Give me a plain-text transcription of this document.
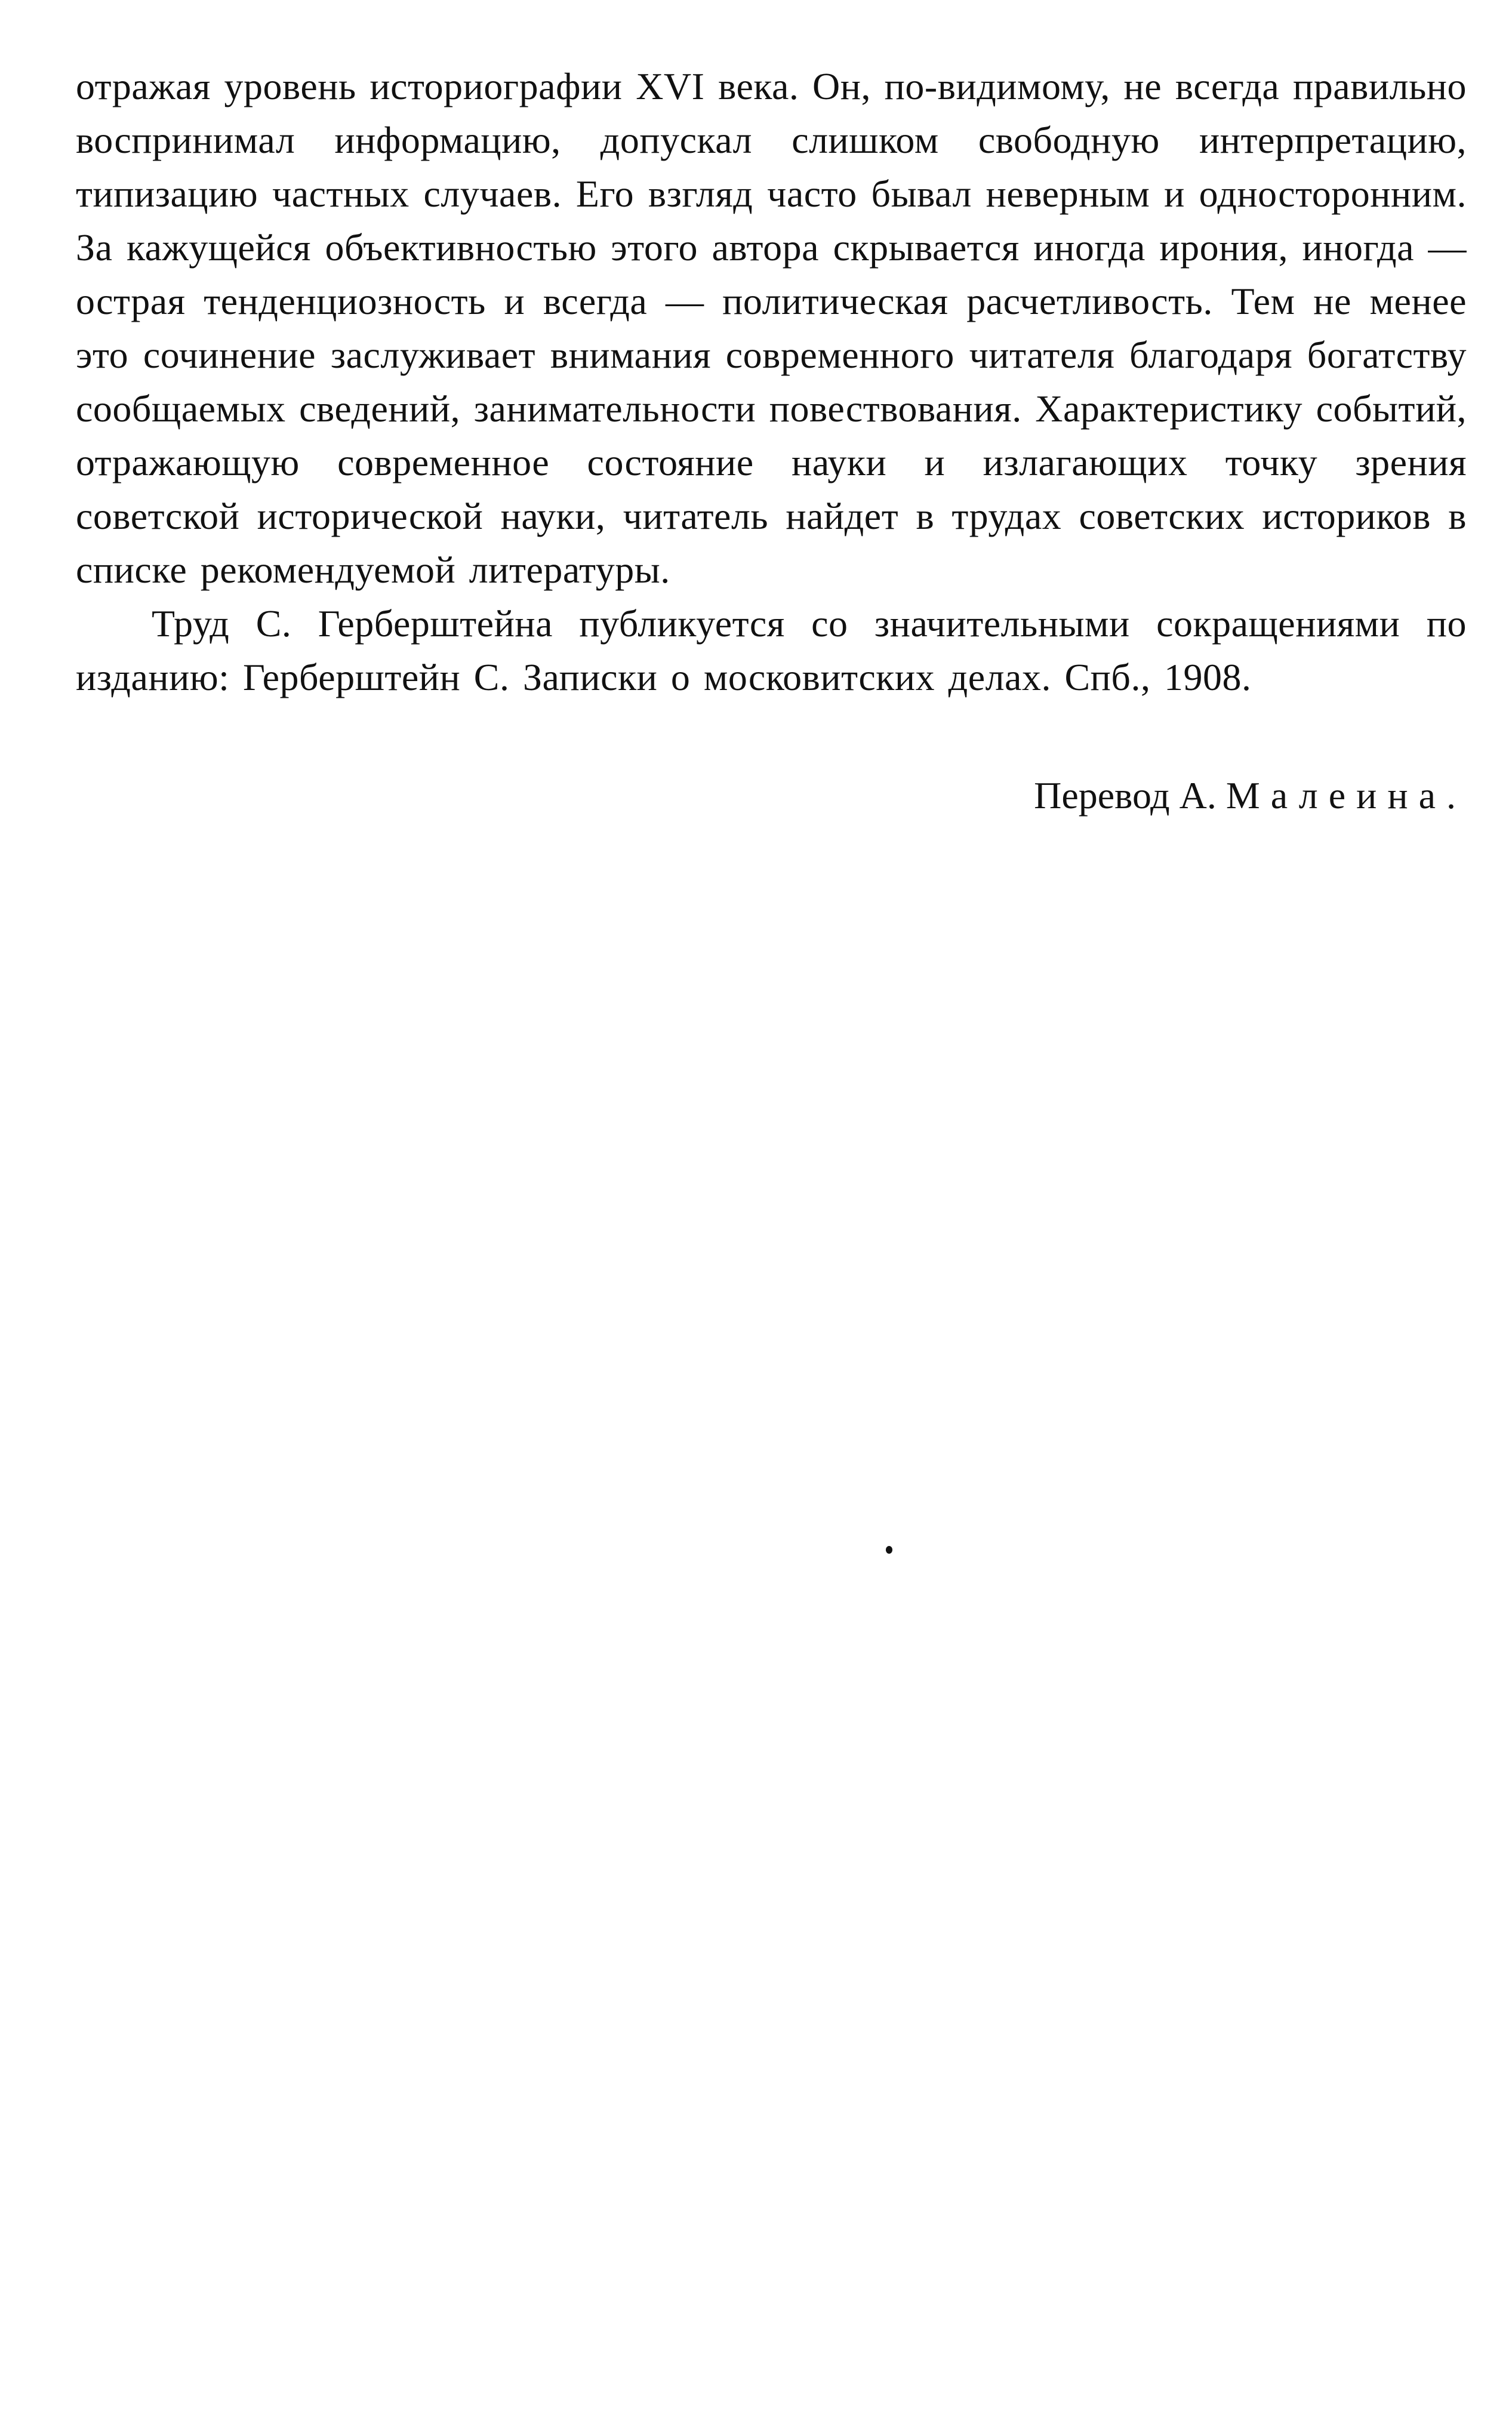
отражая уровень историографии XVI века. Он, по-видимому, не всегда правильно воспринимал информацию, допускал слишком свободную интерпретацию, типизацию частных случаев. Его взгляд часто бывал неверным и односторонним. За кажущейся объективностью этого автора скрывается иногда ирония, иногда — острая тенденциозность и всегда — политическая расчетливость. Тем не менее это сочинение заслуживает внимания современного читателя благодаря богатству сообщаемых сведений, занимательности повествования. Характеристику событий, отражающую современное состояние науки и излагающих точку зрения советской исторической науки, читатель найдет в трудах советских историков в списке рекомендуемой литературы.

Труд С. Герберштейна публикуется со значительными сокращениями по изданию: Герберштейн С. Записки о московитских делах. Спб., 1908.

Перевод А. Малеина.
